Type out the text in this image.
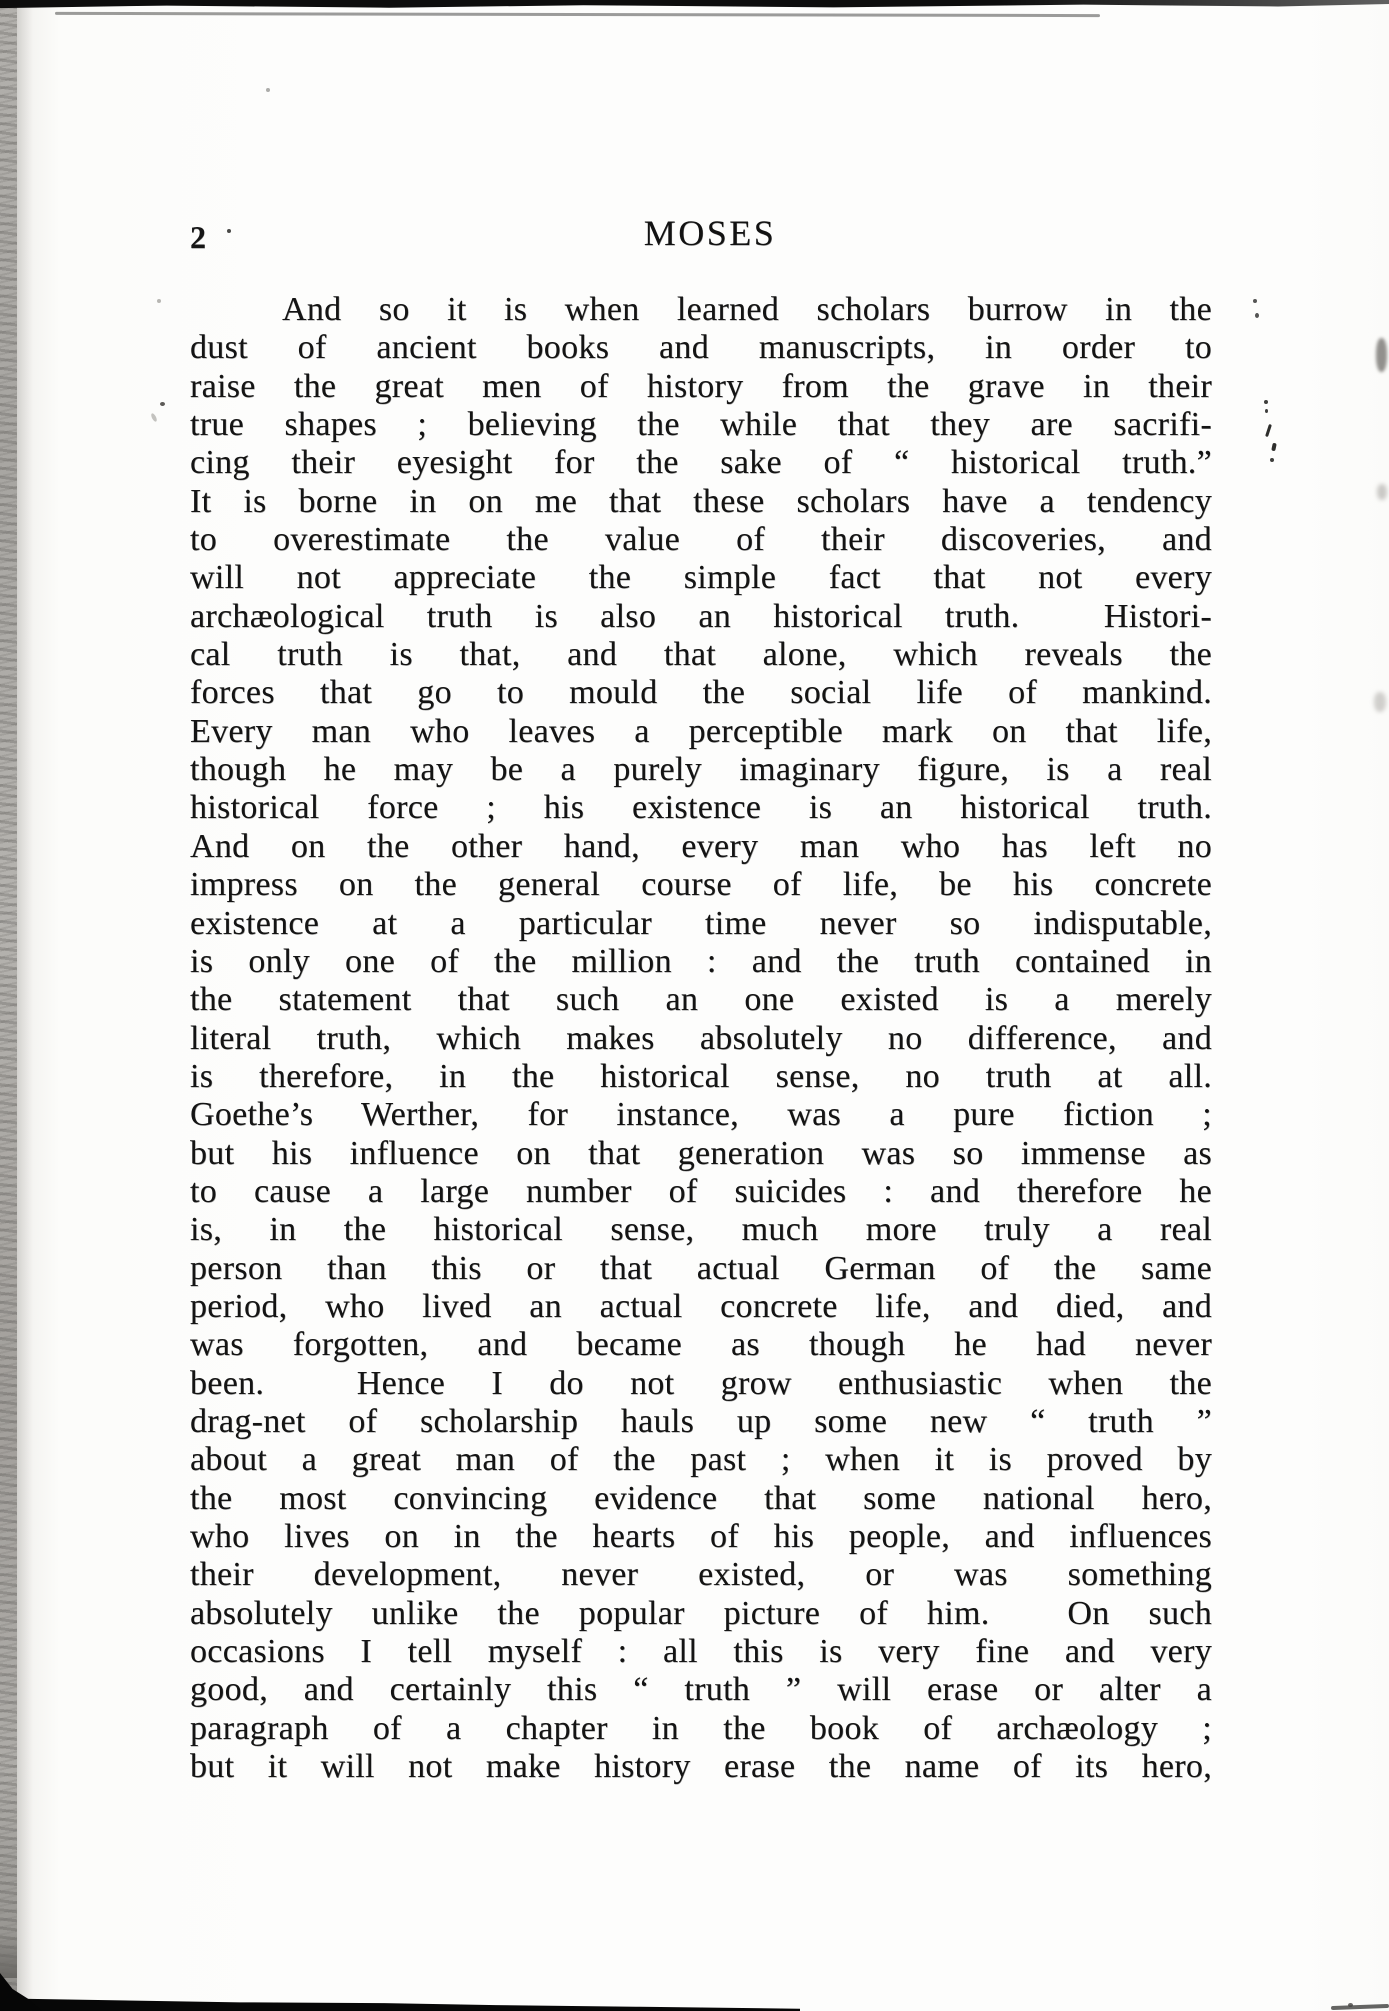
2	MOSES
And so it is when learned scholars burrow in the
dust of ancient books and manuscripts, in order to
raise the great men of history from the grave in their
true shapes ; believing the while that they are sacrifi-
cing their eyesight for the sake of “ historical truth.”
It is borne in on me that these scholars have a tendency
to overestimate the value of their discoveries, and
will not appreciate the simple fact that not every
archæological truth is also an historical truth.  Histori-
cal truth is that, and that alone, which reveals the
forces that go to mould the social life of mankind.
Every man who leaves a perceptible mark on that life,
though he may be a purely imaginary figure, is a real
historical force ; his existence is an historical truth.
And on the other hand, every man who has left no
impress on the general course of life, be his concrete
existence at a particular time never so indisputable,
is only one of the million : and the truth contained in
the statement that such an one existed is a merely
literal truth, which makes absolutely no difference, and
is therefore, in the historical sense, no truth at all.
Goethe’s Werther, for instance, was a pure fiction ;
but his influence on that generation was so immense as
to cause a large number of suicides : and therefore he
is, in the historical sense, much more truly a real
person than this or that actual German of the same
period, who lived an actual concrete life, and died, and
was forgotten, and became as though he had never
been.  Hence I do not grow enthusiastic when the
drag-net of scholarship hauls up some new “ truth ”
about a great man of the past ; when it is proved by
the most convincing evidence that some national hero,
who lives on in the hearts of his people, and influences
their development, never existed, or was something
absolutely unlike the popular picture of him.  On such
occasions I tell myself : all this is very fine and very
good, and certainly this “ truth ” will erase or alter a
paragraph of a chapter in the book of archæology ;
but it will not make history erase the name of its hero,
